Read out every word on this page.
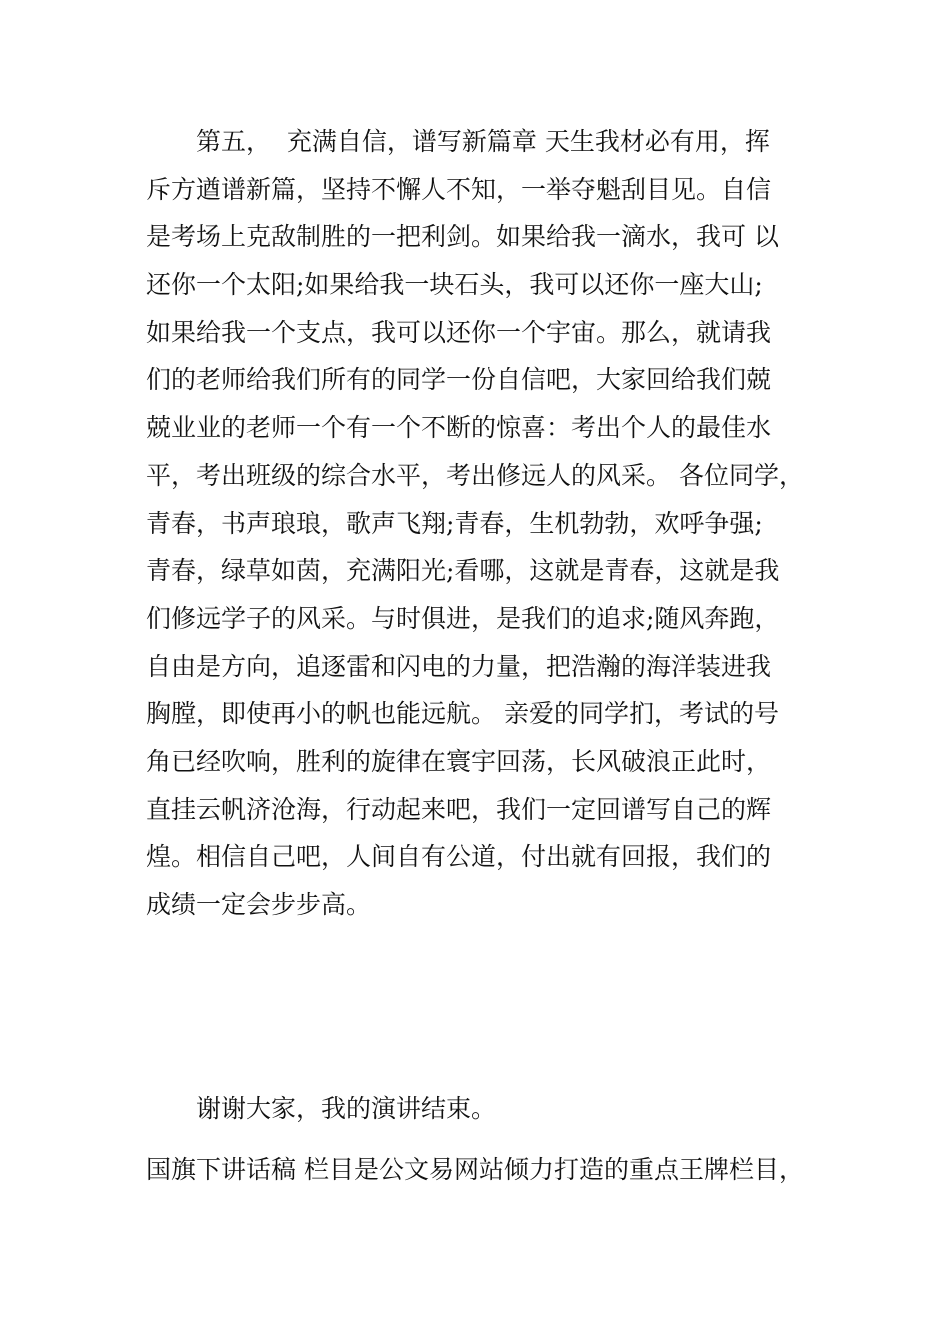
第五，  充满自信，谱写新篇章 天生我材必有用，挥
斥方遒谱新篇，坚持不懈人不知，一举夺魁刮目见。自信
是考场上克敌制胜的一把利剑。如果给我一滴水，我可 以
还你一个太阳;如果给我一块石头，我可以还你一座大山;
如果给我一个支点，我可以还你一个宇宙。那么，就请我
们的老师给我们所有的同学一份自信吧，大家回给我们兢
兢业业的老师一个有一个不断的惊喜：考出个人的最佳水
平，考出班级的综合水平，考出修远人的风采。 各位同学，
青春，书声琅琅，歌声飞翔;青春，生机勃勃，欢呼争强;
青春，绿草如茵，充满阳光;看哪，这就是青春，这就是我
们修远学子的风采。与时俱进，是我们的追求;随风奔跑，
自由是方向，追逐雷和闪电的力量，把浩瀚的海洋装进我
胸膛，即使再小的帆也能远航。 亲爱的同学扪，考试的号
角已经吹响，胜利的旋律在寰宇回荡，长风破浪正此时，
直挂云帆济沧海，行动起来吧，我们一定回谱写自己的辉
煌。相信自己吧，人间自有公道，付出就有回报，我们的
成绩一定会步步高。
谢谢大家，我的演讲结束。
国旗下讲话稿 栏目是公文易网站倾力打造的重点王牌栏目，
